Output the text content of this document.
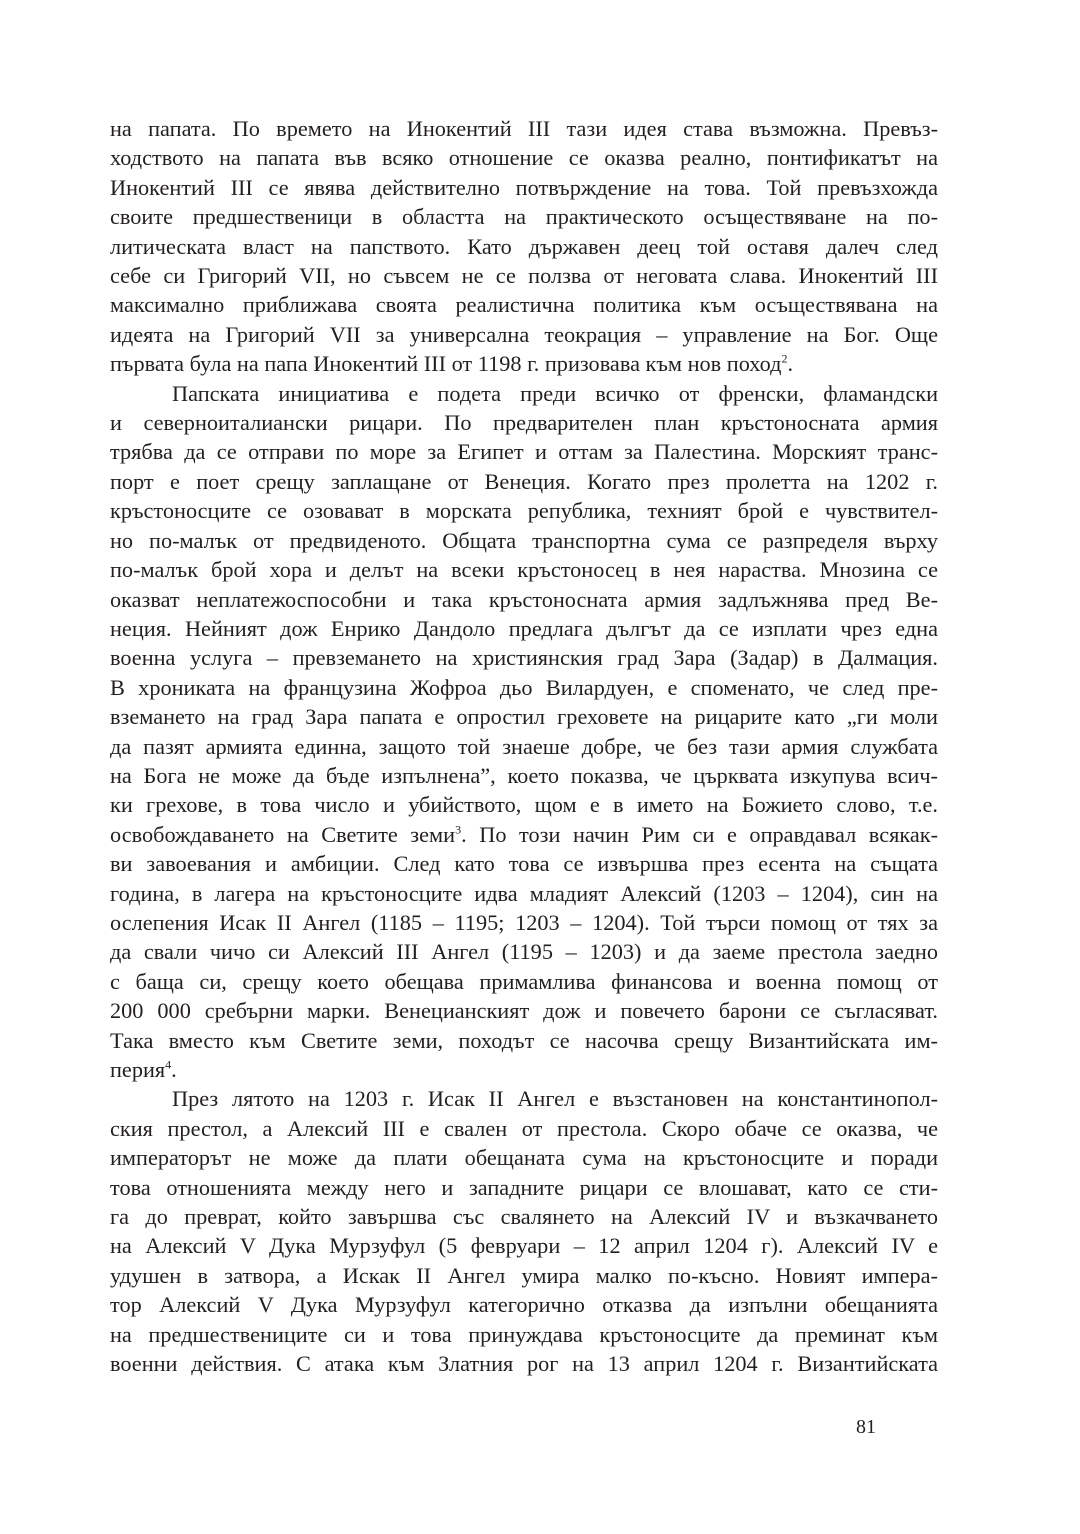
на папата. По времето на Инокентий III тази идея става възможна. Превъз-
ходството на папата във всяко отношение се оказва реално, понтификатът на
Инокентий III се явява действително потвърждение на това. Той превъзхожда
своите предшественици в областта на практическото осъществяване на по-
литическата власт на папството. Като държавен деец той оставя далеч след
себе си Григорий VII, но съвсем не се ползва от неговата слава. Инокентий III
максимално приближава своята реалистична политика към осъществявана на
идеята на Григорий VII за универсална теокрация – управление на Бог. Още
първата була на папа Инокентий III от 1198 г. призовава към нов поход$^2$.
Папската инициатива е подета преди всичко от френски, фламандски
и северноиталиански рицари. По предварителен план кръстоносната армия
трябва да се отправи по море за Египет и оттам за Палестина. Морският транс-
порт е поет срещу заплащане от Венеция. Когато през пролетта на 1202 г.
кръстоносците се озовават в морската република, техният брой е чувствител-
но по-малък от предвиденото. Общата транспортна сума се разпределя върху
по-малък брой хора и делът на всеки кръстоносец в нея нараства. Мнозина се
оказват неплатежоспособни и така кръстоносната армия задлъжнява пред Ве-
неция. Нейният дож Енрико Дандоло предлага дългът да се изплати чрез една
военна услуга – превземането на християнския град Зара (Задар) в Далмация.
В хрониката на французина Жофроа дьо Вилардуен, е споменато, че след пре-
вземането на град Зара папата е опростил греховете на рицарите като „ги моли
да пазят армията единна, защото той знаеше добре, че без тази армия службата
на Бога не може да бъде изпълнена”, което показва, че църквата изкупува всич-
ки грехове, в това число и убийството, щом е в името на Божието слово, т.е.
освобождаването на Светите земи$^3$. По този начин Рим си е оправдавал всякак-
ви завоевания и амбиции. След като това се извършва през есента на същата
година, в лагера на кръстоносците идва младият Алексий (1203 – 1204), син на
ослепения Исак II Ангел (1185 – 1195; 1203 – 1204). Той търси помощ от тях за
да свали чичо си Алексий III Ангел (1195 – 1203) и да заеме престола заедно
с баща си, срещу което обещава примамлива финансова и военна помощ от
200 000 сребърни марки. Венецианският дож и повечето барони се съгласяват.
Така вместо към Светите земи, походът се насочва срещу Византийската им-
перия$^4$.
През лятото на 1203 г. Исак II Ангел е възстановен на константинопол-
ския престол, а Алексий III е свален от престола. Скоро обаче се оказва, че
императорът не може да плати обещаната сума на кръстоносците и поради
това отношенията между него и западните рицари се влошават, като се сти-
га до преврат, който завършва със свалянето на Алексий IV и възкачването
на Алексий V Дука Мурзуфул (5 февруари – 12 април 1204 г). Алексий IV е
удушен в затвора, а Искак II Ангел умира малко по-късно. Новият импера-
тор Алексий V Дука Мурзуфул категорично отказва да изпълни обещанията
на предшествениците си и това принуждава кръстоносците да преминат към
военни действия. С атака към Златния рог на 13 април 1204 г. Византийската
81
